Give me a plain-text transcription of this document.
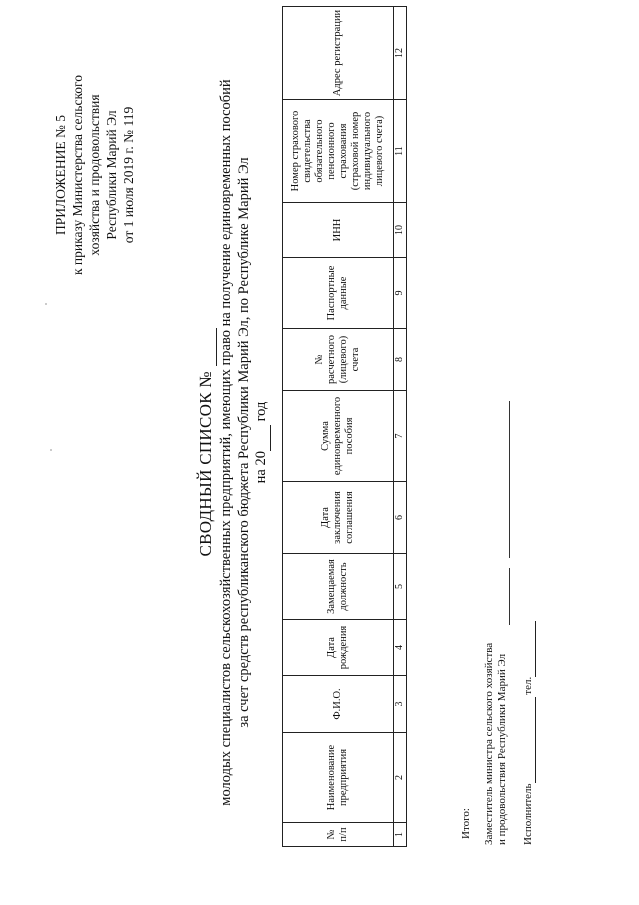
ПРИЛОЖЕНИЕ № 5 к приказу Министерства сельского хозяйства и продовольствия Республики Марий Эл от 1 июля 2019 г. № 119
СВОДНЫЙ СПИСОК № молодых специалистов сельскохозяйственных предприятий, имеющих право на получение единовременных пособий за счет средств республиканского бюджета Республики Марий Эл, по Республике Марий Эл на 20  год
№ п/п	Наименование предприятия	Ф.И.О.	Дата рождения	Замещаемая должность	Дата заключения соглашения	Сумма единовременного пособия	№ расчетного (лицевого) счета	Паспортные данные	ИНН	Номер страхового свидетельства обязательного пенсионного страхования (страховой номер индивидуального лицевого счета)	Адрес регистрации
1	2	3	4	5	6	7	8	9	10	11	12
Итого: Заместитель министра сельского хозяйства и продовольствия Республики Марий Эл Исполнитель  тел.
